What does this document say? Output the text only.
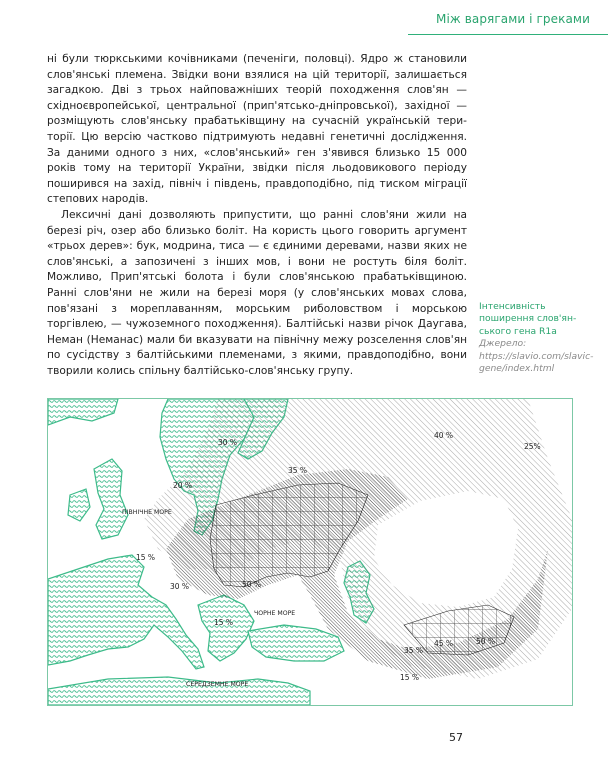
Між варягами і греками

ні були тюркськими кочівниками (печеніги, половці). Ядро ж становили слов'янські племена. Звідки вони взялися на цій території, залишається загадкою. Дві з трьох найповажніших теорій походження слов'ян — східноєвропейської, центральної (прип'ятсько-дніпровської), західної — розміщують слов'янську прабатьківщину на сучасній українській території. Цю версію частково підтримують недавні генетичні дослідження. За даними одного з них, «слов'янський» ген з'явився близько 15 000 років тому на території України, звідки після льодовикового періоду поширився на захід, північ і південь, правдоподібно, під тиском міграції степових народів.

Лексичні дані дозволяють припустити, що ранні слов'яни жили на березі річ, озер або близько боліт. На користь цього говорить аргумент «трьох дерев»: бук, модрина, тиса — є єдиними деревами, назви яких не слов'янські, а запозичені з інших мов, і вони не ростуть біля боліт. Можливо, Прип'ятські болота і були слов'янською прабатьківщиною. Ранні слов'яни не жили на березі моря (у слов'янських мовах слова, пов'язані з мореплаванням, морським риболовством і морською торгівлею, — чужоземного походження). Балтійські назви річок Даугава, Неман (Неманас) мали би вказувати на північну межу розселення слов'ян по сусідству з балтійськими племенами, з якими, правдоподібно, вони творили колись спільну балтійсько-слов'янську групу.

Інтенсивність поширення слов'янського гена R1a
Джерело: https://slavio.com/slavic-gene/index.html
40 %
25%
30 %
35 %
20 %
15 %
30 %	50 %
15 %
35 %
45 %	50 %
15 %
ПІВНІЧНЕ МОРЕ
ЧОРНЕ МОРЕ
СЕРЕДЗЕМНЕ МОРЕ
57
